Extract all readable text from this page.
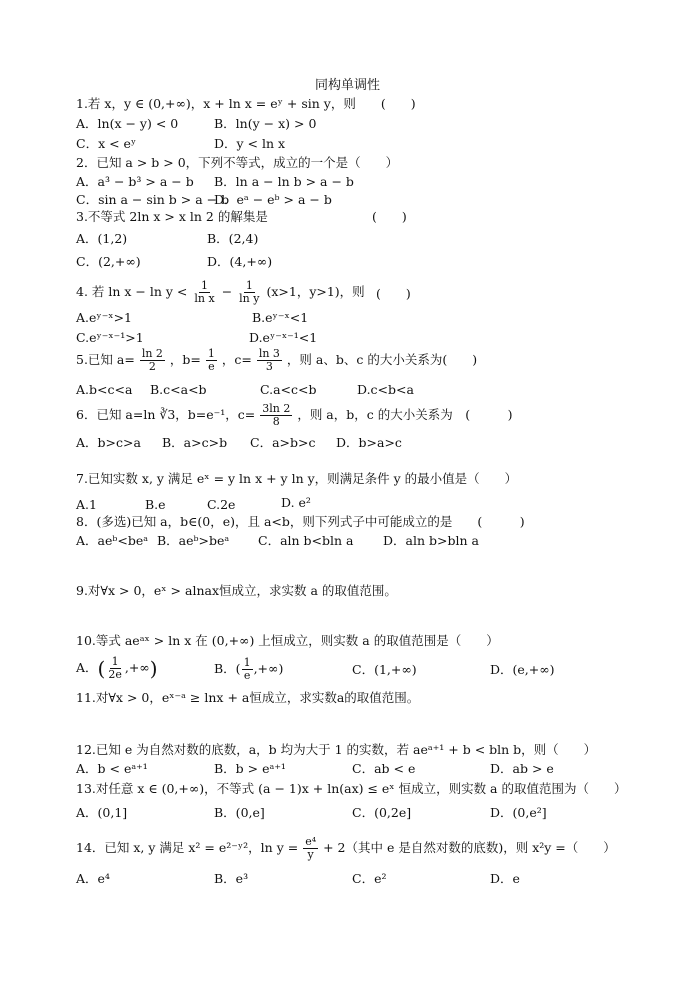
同构单调性
1.若 x，y ∈ (0,+∞)，x + ln x = eʸ + sin y，则　　(　　)
A．ln(x − y) < 0	B．ln(y − x) > 0
C．x < eʸ	D．y < ln x
2．已知 a > b > 0，下列不等式，成立的一个是（　　）
A．a³ − b³ > a − b B．ln a − ln b > a − b
C．sin a − sin b > a − b
D．eᵃ − eᵇ > a − b
3.不等式 2ln x > x ln 2 的解集是	(　　)
A．(1,2)	B．(2,4)
C．(2,+∞)	D．(4,+∞)
4. 若 $\ln x - \ln y < \frac{1}{\text{ln x}} - \frac{1}{\text{ln y}} (x>1$，y>1)，则 (　　)
A.eʸ⁻ˣ>1	B.eʸ⁻ˣ<1
C.eʸ⁻ˣ⁻¹>1	D.eʸ⁻ˣ⁻¹<1
5.已知 $a= \frac{\ln 2}{2}$ ，$b= \frac{1}{e}$ ，$c= \frac{\ln 3}{3}$ ，则 a、b、c 的大小关系为(　　)
A.b<c<a B.c<a<b	C.a<c<b	D.c<b<a
6．已知 a=ln ∛3，b=e⁻¹，$c= \frac{3\ln 2}{8}$ ，则 a，b，c 的大小关系为　(　　　)
A．b>c>a B．a>c>b C．a>b>c D．b>a>c
7.已知实数 x, y 满足 eˣ = y ln x + y ln y，则满足条件 y 的最小值是（　　）
A.1	B.e	C.2e	D. e²
8．(多选)已知 a，b∈(0，e)，且 a<b，则下列式子中可能成立的是　　(　　　)
A．aeᵇ<beᵃ B．aeᵇ>beᵃ C．aln b<bln a D．aln b>bln a
9.对∀x > 0，eˣ > alnax恒成立，求实数 a 的取值范围。
10.等式 aeᵃˣ > ln x 在 (0,+∞) 上恒成立，则实数 a 的取值范围是（　　）
A．( $\frac{1}{2e}$ ,+∞)	B．( $\frac{1}{e}$ ,+∞)	C．(1,+∞)	D．(e,+∞)
11.对∀x > 0，eˣ⁻ᵃ ≥ lnx + a恒成立，求实数a的取值范围。
12.已知 e 为自然对数的底数，a，b 均为大于 1 的实数，若 aeᵃ⁺¹ + b < bln b，则（　　）
A．b < eᵃ⁺¹	B．b > eᵃ⁺¹	C．ab < e	D．ab > e
13.对任意 x ∈ (0,+∞)，不等式 (a − 1)x + ln(ax) ≤ eˣ 恒成立，则实数 a 的取值范围为（　　）
A．(0,1]	B．(0,e]	C．(0,2e]	D．(0,e²]
14．已知 x, y 满足 x² = e²⁻ʸ²，$\ln y = \frac{\text{e⁴}}{y} + 2$（其中 e 是自然对数的底数)，则 x²y =（　　）
A．e⁴	B．e³	C．e²	D．e
